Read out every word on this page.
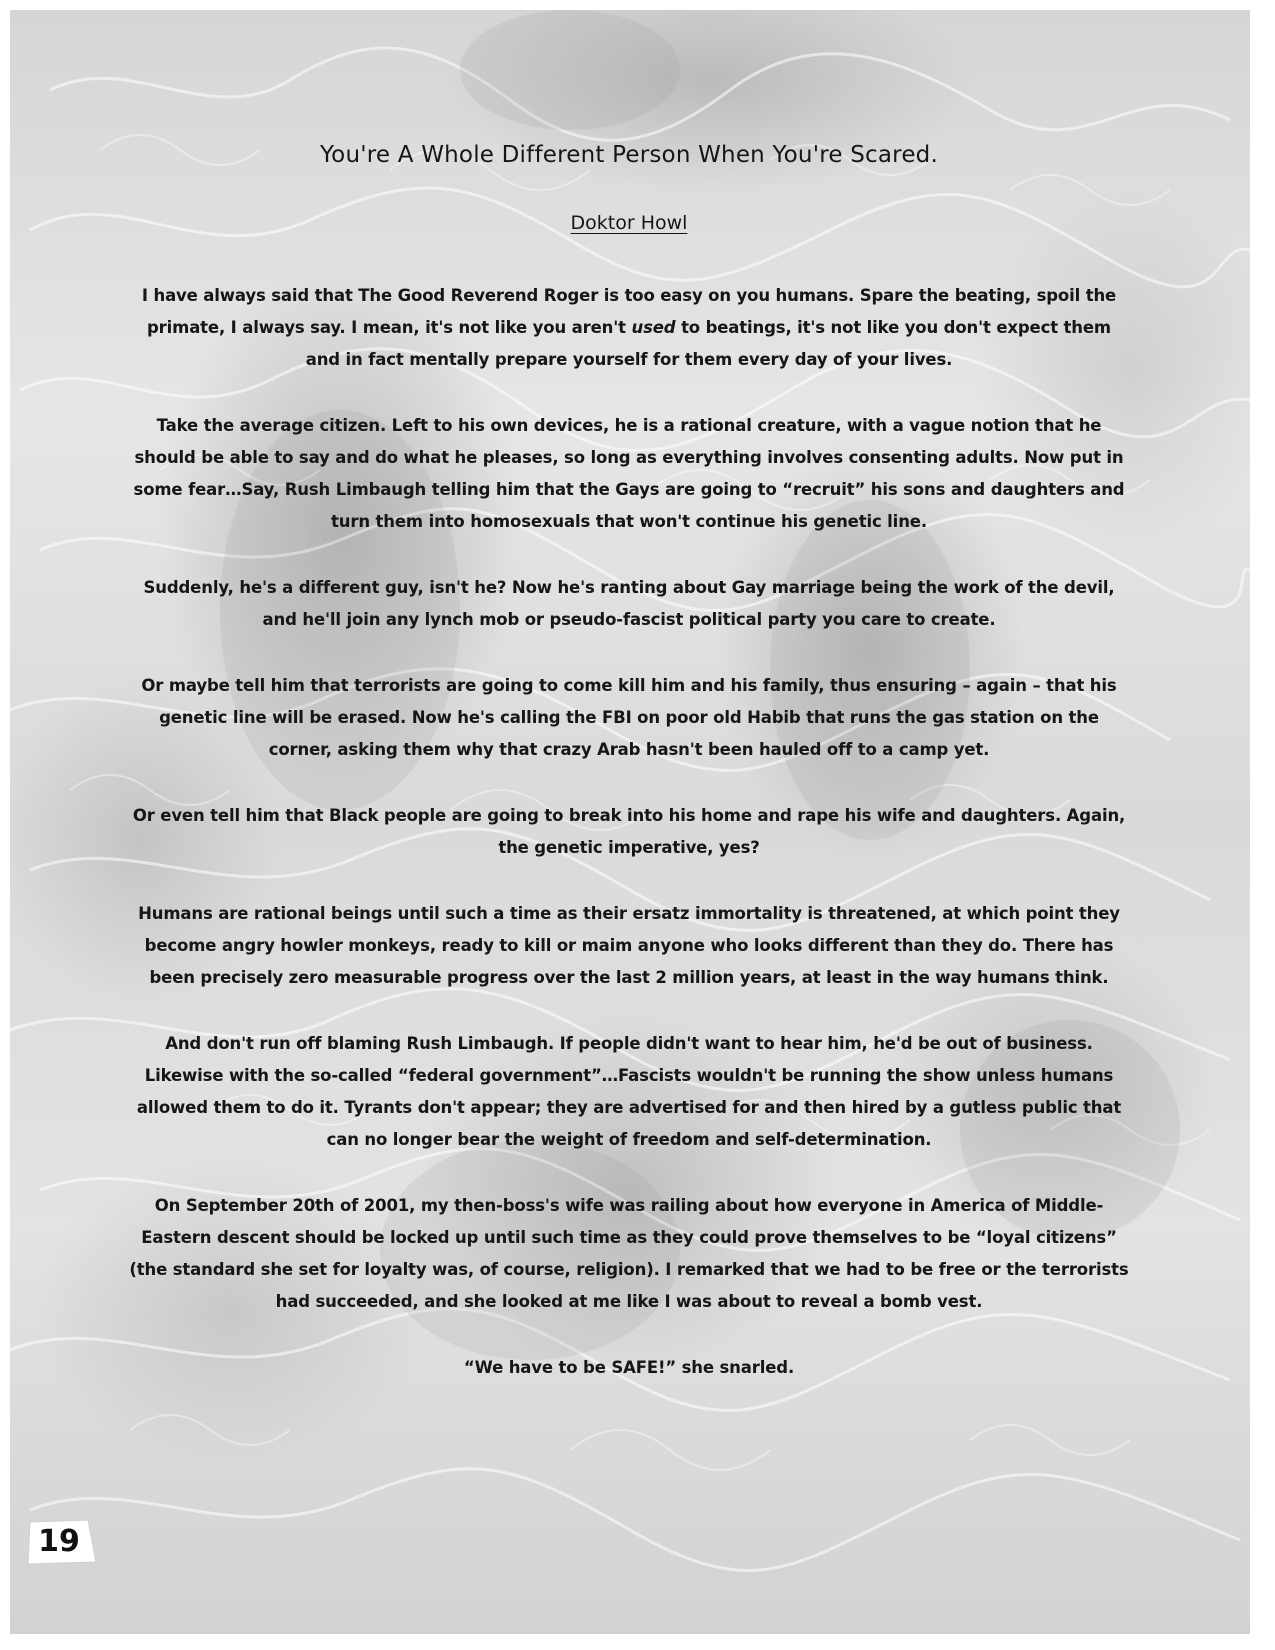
You're A Whole Different Person When You're Scared.

Doktor Howl

I have always said that The Good Reverend Roger is too easy on you humans. Spare the beating, spoil the primate, I always say. I mean, it's not like you aren't used to beatings, it's not like you don't expect them and in fact mentally prepare yourself for them every day of your lives.

Take the average citizen. Left to his own devices, he is a rational creature, with a vague notion that he should be able to say and do what he pleases, so long as everything involves consenting adults. Now put in some fear…Say, Rush Limbaugh telling him that the Gays are going to “recruit” his sons and daughters and turn them into homosexuals that won't continue his genetic line.

Suddenly, he's a different guy, isn't he? Now he's ranting about Gay marriage being the work of the devil, and he'll join any lynch mob or pseudo-fascist political party you care to create.

Or maybe tell him that terrorists are going to come kill him and his family, thus ensuring – again – that his genetic line will be erased. Now he's calling the FBI on poor old Habib that runs the gas station on the corner, asking them why that crazy Arab hasn't been hauled off to a camp yet.

Or even tell him that Black people are going to break into his home and rape his wife and daughters. Again, the genetic imperative, yes?

Humans are rational beings until such a time as their ersatz immortality is threatened, at which point they become angry howler monkeys, ready to kill or maim anyone who looks different than they do. There has been precisely zero measurable progress over the last 2 million years, at least in the way humans think.

And don't run off blaming Rush Limbaugh. If people didn't want to hear him, he'd be out of business. Likewise with the so-called “federal government”…Fascists wouldn't be running the show unless humans allowed them to do it. Tyrants don't appear; they are advertised for and then hired by a gutless public that can no longer bear the weight of freedom and self-determination.

On September 20th of 2001, my then-boss's wife was railing about how everyone in America of Middle-Eastern descent should be locked up until such time as they could prove themselves to be “loyal citizens” (the standard she set for loyalty was, of course, religion). I remarked that we had to be free or the terrorists had succeeded, and she looked at me like I was about to reveal a bomb vest.

“We have to be SAFE!” she snarled.

19
